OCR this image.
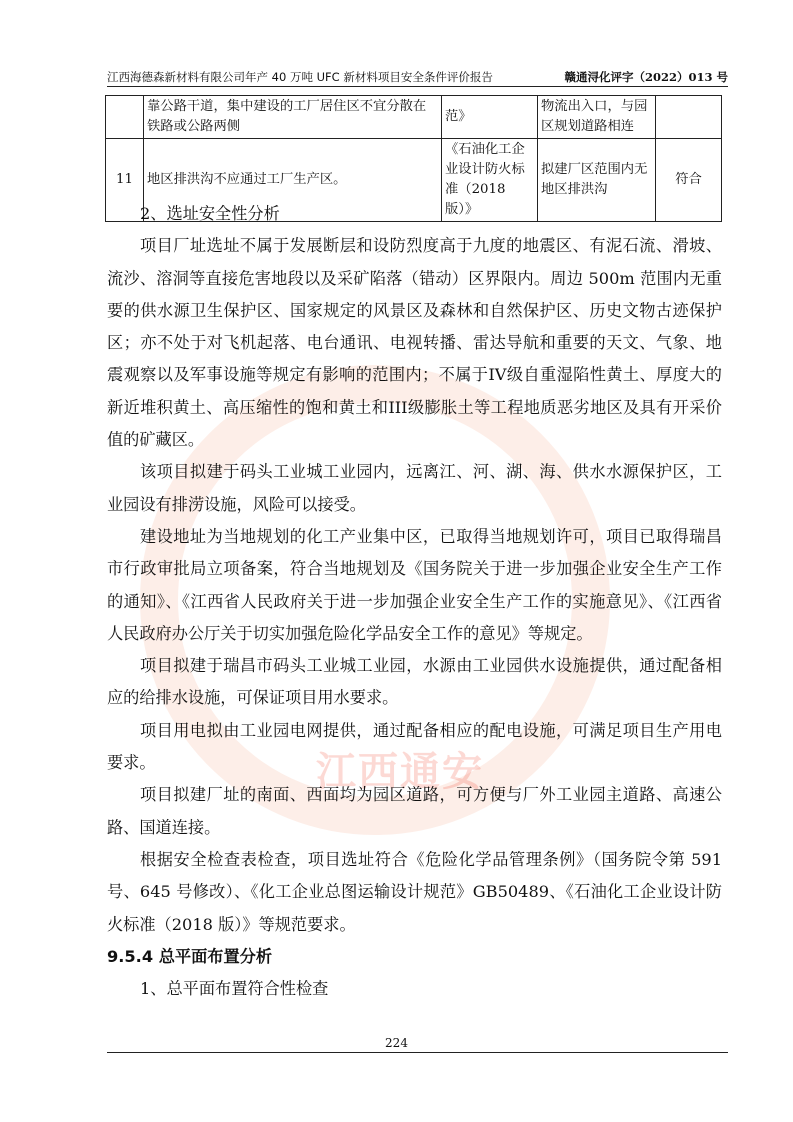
江西通安
江西海德森新材料有限公司年产 40 万吨 UFC 新材料项目安全条件评价报告	赣通浔化评字（2022）013 号
	靠公路干道，集中建设的工厂居住区不宜分散在铁路或公路两侧	范》	物流出入口，与园区规划道路相连	
11	地区排洪沟不应通过工厂生产区。	《石油化工企业设计防火标准（2018 版）》	拟建厂区范围内无地区排洪沟	符合

2、选址安全性分析

项目厂址选址不属于发展断层和设防烈度高于九度的地震区、有泥石流、滑坡、流沙、溶洞等直接危害地段以及采矿陷落（错动）区界限内。周边 500m 范围内无重要的供水源卫生保护区、国家规定的风景区及森林和自然保护区、历史文物古迹保护区；亦不处于对飞机起落、电台通讯、电视转播、雷达导航和重要的天文、气象、地震观察以及军事设施等规定有影响的范围内；不属于IV级自重湿陷性黄土、厚度大的新近堆积黄土、高压缩性的饱和黄土和III级膨胀土等工程地质恶劣地区及具有开采价值的矿藏区。

该项目拟建于码头工业城工业园内，远离江、河、湖、海、供水水源保护区，工业园设有排涝设施，风险可以接受。

建设地址为当地规划的化工产业集中区，已取得当地规划许可，项目已取得瑞昌市行政审批局立项备案，符合当地规划及《国务院关于进一步加强企业安全生产工作的通知》、《江西省人民政府关于进一步加强企业安全生产工作的实施意见》、《江西省人民政府办公厅关于切实加强危险化学品安全工作的意见》等规定。

项目拟建于瑞昌市码头工业城工业园，水源由工业园供水设施提供，通过配备相应的给排水设施，可保证项目用水要求。

项目用电拟由工业园电网提供，通过配备相应的配电设施，可满足项目生产用电要求。

项目拟建厂址的南面、西面均为园区道路，可方便与厂外工业园主道路、高速公路、国道连接。

根据安全检查表检查，项目选址符合《危险化学品管理条例》（国务院令第 591 号、645 号修改）、《化工企业总图运输设计规范》GB50489、《石油化工企业设计防火标准（2018 版）》等规范要求。

9.5.4 总平面布置分析

1、总平面布置符合性检查

224
